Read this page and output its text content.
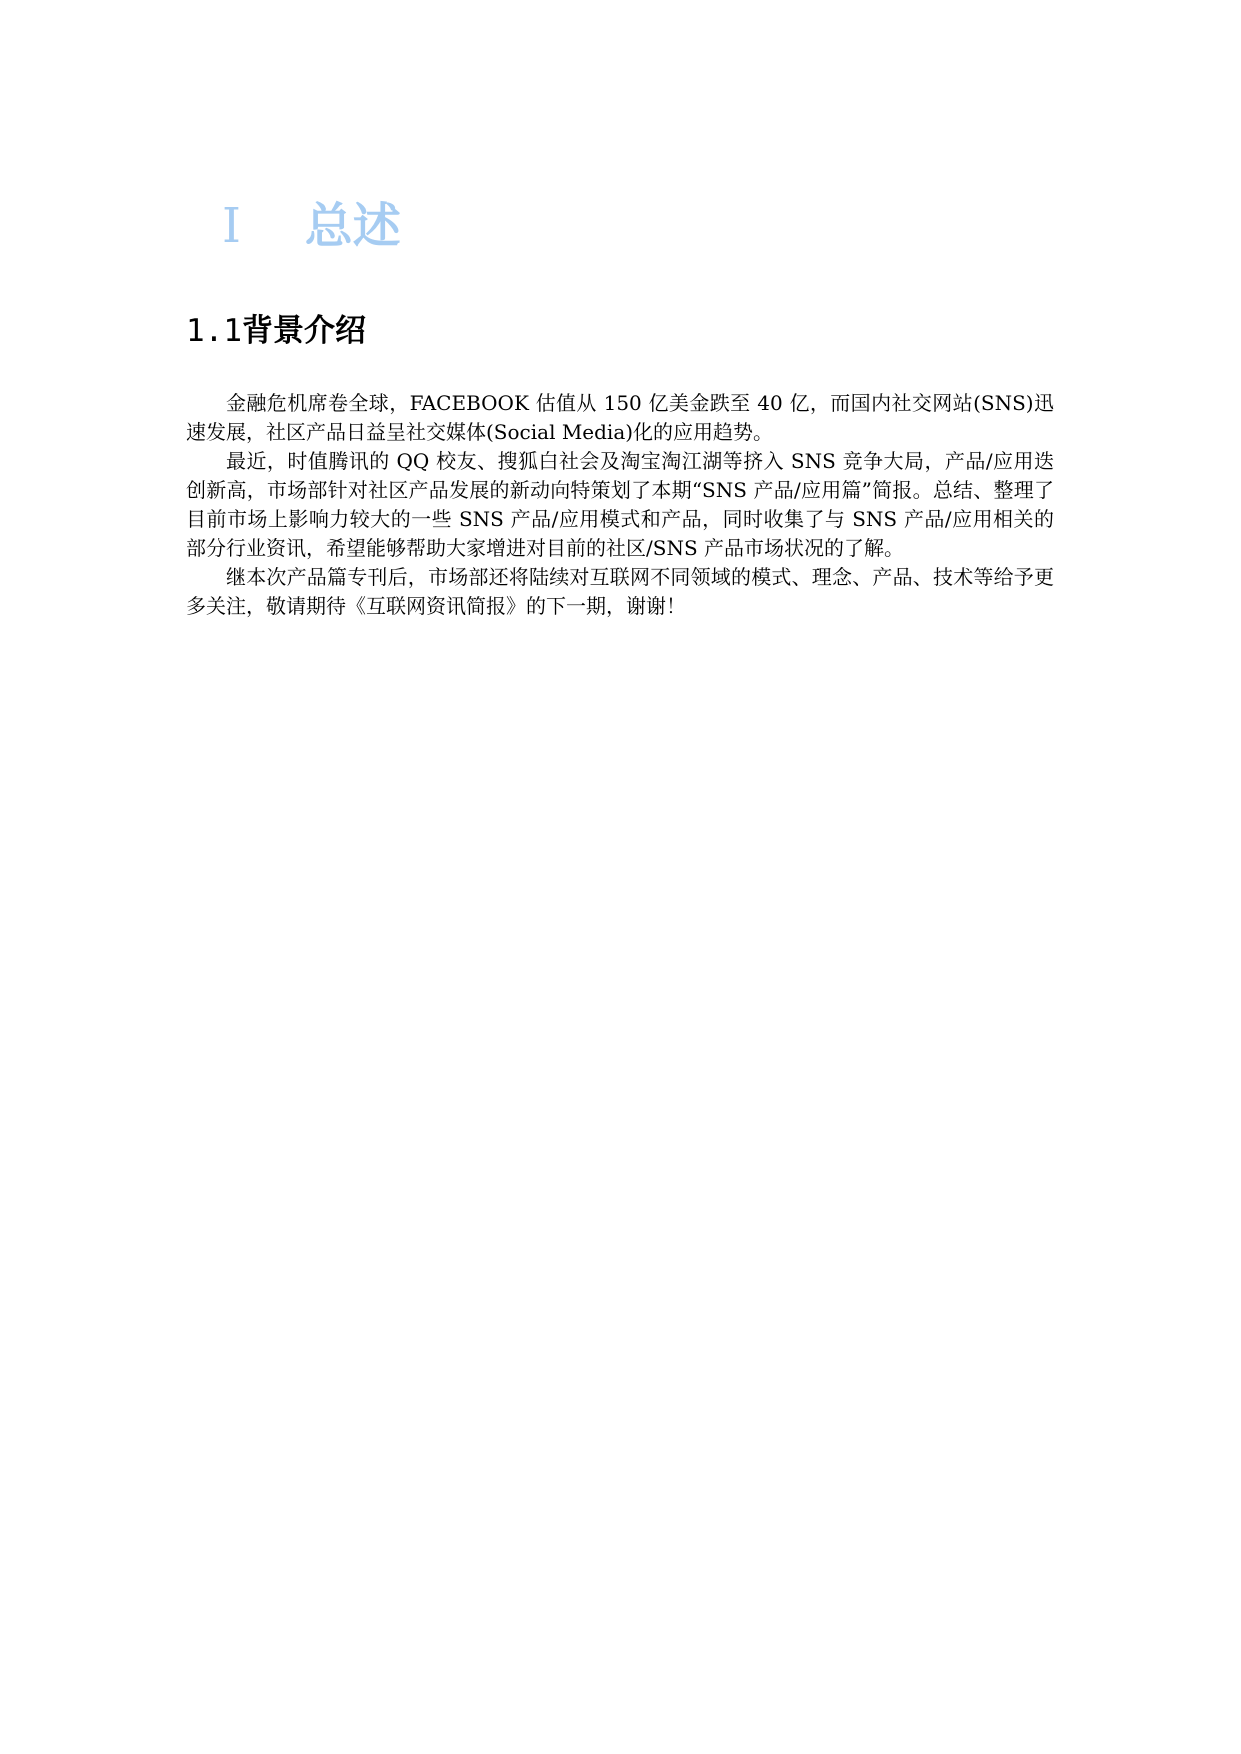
I 总述
1.1背景介绍

金融危机席卷全球，FACEBOOK 估值从 150 亿美金跌至 40 亿，而国内社交网站(SNS)迅速发展，社区产品日益呈社交媒体(Social Media)化的应用趋势。

最近，时值腾讯的 QQ 校友、搜狐白社会及淘宝淘江湖等挤入 SNS 竞争大局，产品/应用迭创新高，市场部针对社区产品发展的新动向特策划了本期“SNS 产品/应用篇”简报。总结、整理了目前市场上影响力较大的一些 SNS 产品/应用模式和产品，同时收集了与 SNS 产品/应用相关的部分行业资讯，希望能够帮助大家增进对目前的社区/SNS 产品市场状况的了解。

继本次产品篇专刊后，市场部还将陆续对互联网不同领域的模式、理念、产品、技术等给予更多关注，敬请期待《互联网资讯简报》的下一期，谢谢！
